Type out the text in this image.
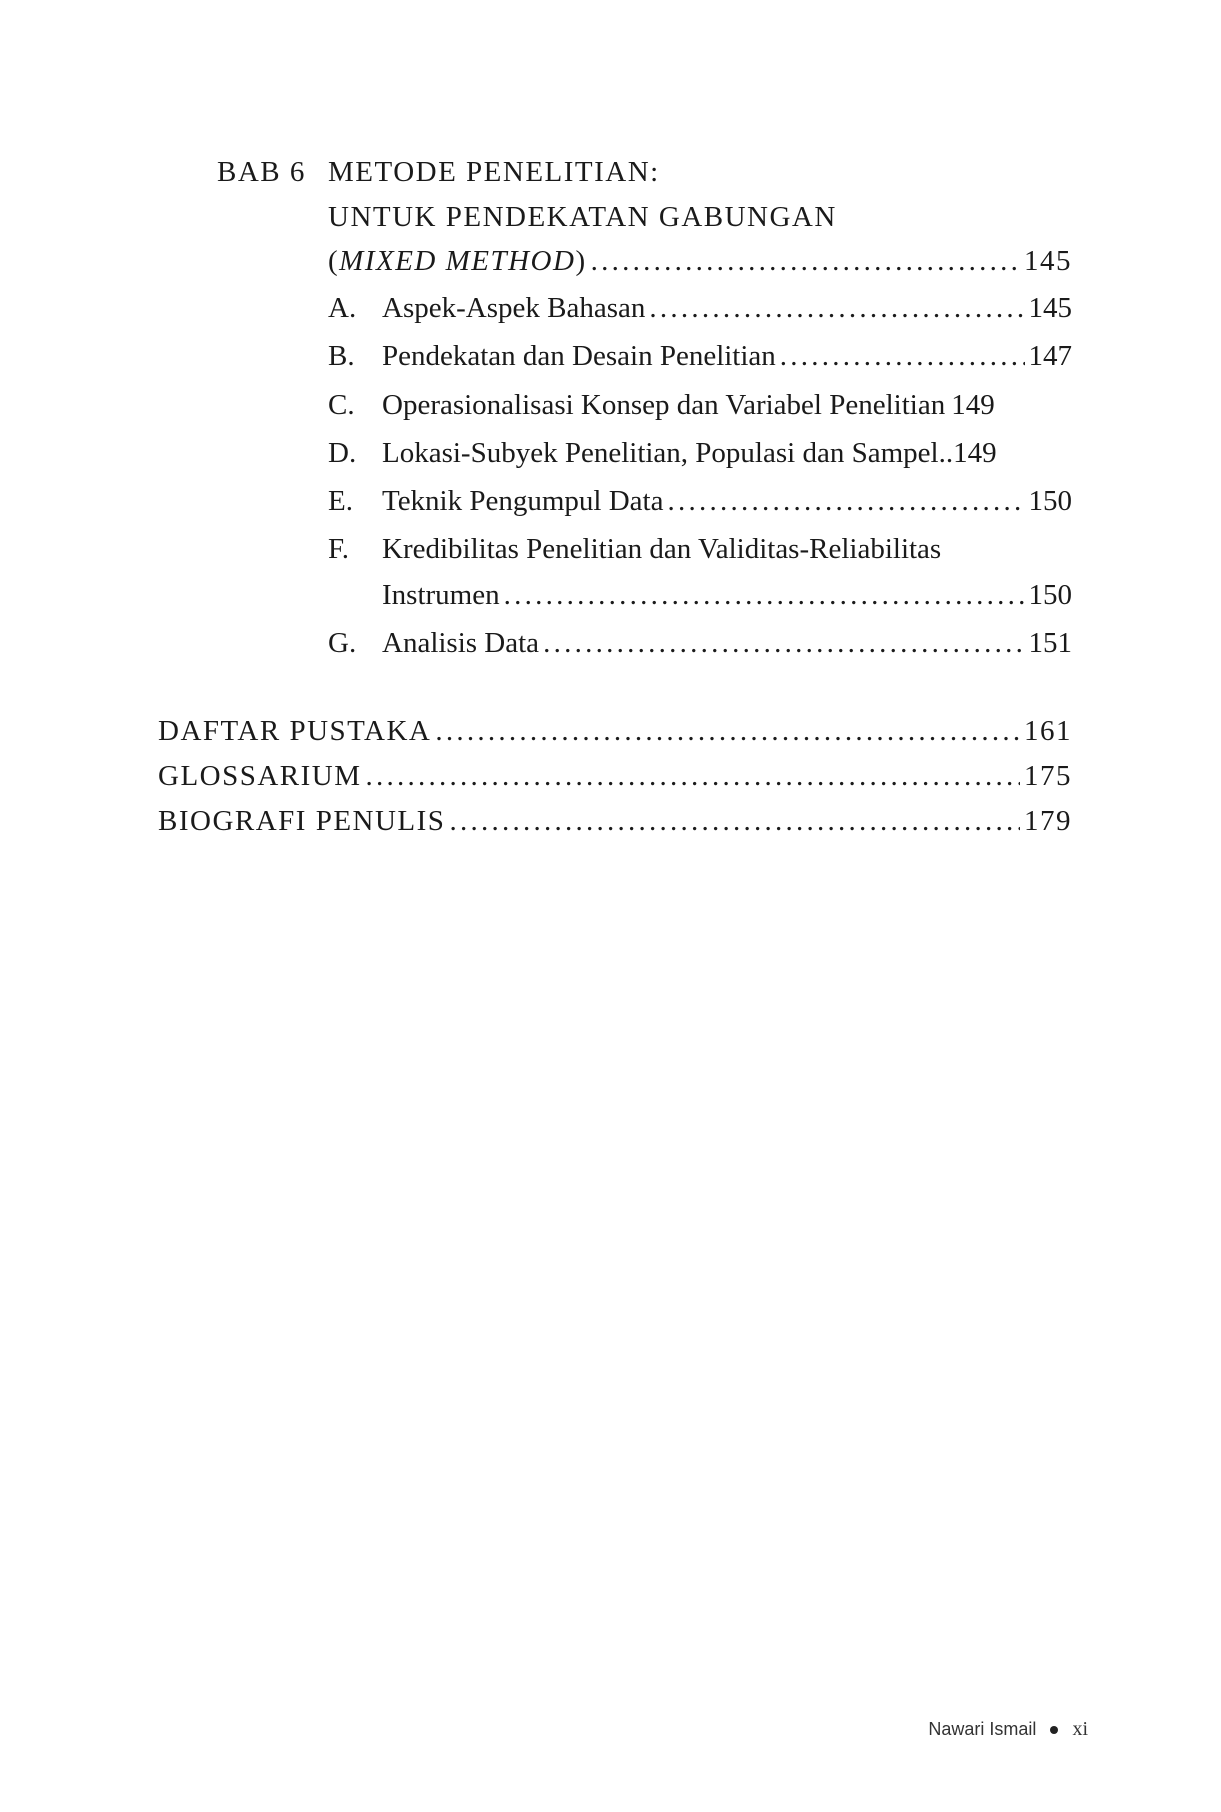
BAB 6 METODE PENELITIAN:
UNTUK PENDEKATAN GABUNGAN
(MIXED METHOD) . . .	145
A. Aspek-Aspek Bahasan . . .	145
B. Pendekatan dan Desain Penelitian . . .	147
C. Operasionalisasi Konsep dan Variabel Penelitian 149
D. Lokasi-Subyek Penelitian, Populasi dan Sampel .. 149
E. Teknik Pengumpul Data . . .	150
F. Kredibilitas Penelitian dan Validitas-Reliabilitas
Instrumen . . .	150
G. Analisis Data . . .	151
DAFTAR PUSTAKA . . .	161
GLOSSARIUM . . .	175
BIOGRAFI PENULIS . . .	179
Nawari Ismail xi
